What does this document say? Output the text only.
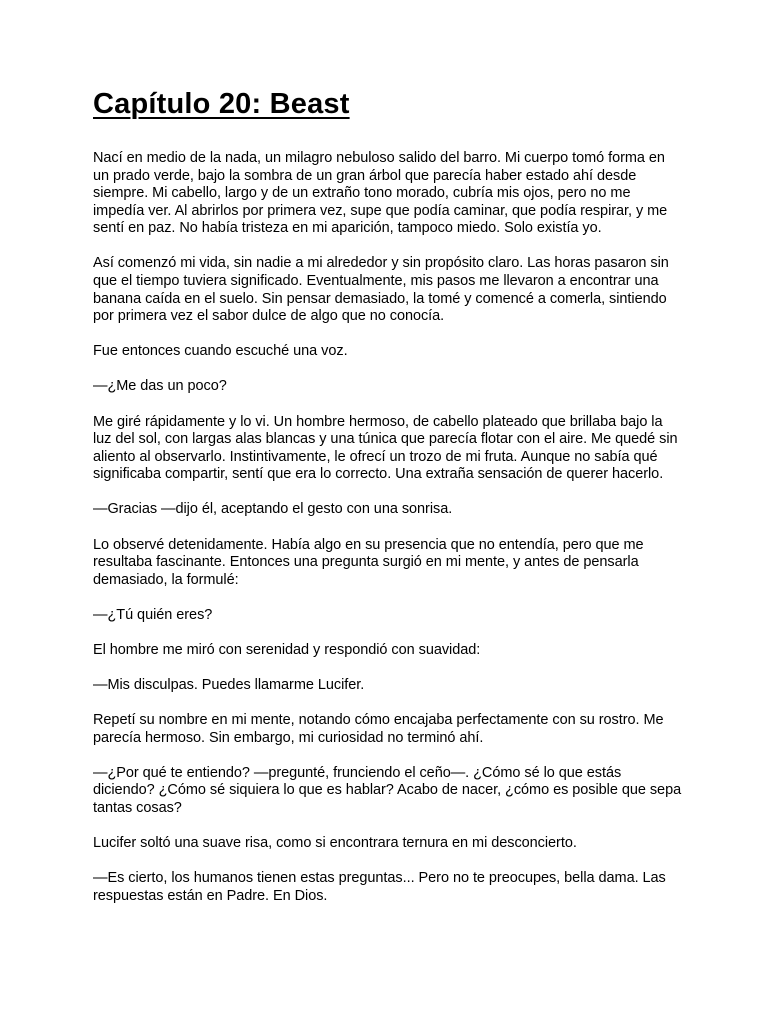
Capítulo 20: Beast

Nací en medio de la nada, un milagro nebuloso salido del barro. Mi cuerpo tomó forma en un prado verde, bajo la sombra de un gran árbol que parecía haber estado ahí desde siempre. Mi cabello, largo y de un extraño tono morado, cubría mis ojos, pero no me impedía ver. Al abrirlos por primera vez, supe que podía caminar, que podía respirar, y me sentí en paz. No había tristeza en mi aparición, tampoco miedo. Solo existía yo.

Así comenzó mi vida, sin nadie a mi alrededor y sin propósito claro. Las horas pasaron sin que el tiempo tuviera significado. Eventualmente, mis pasos me llevaron a encontrar una banana caída en el suelo. Sin pensar demasiado, la tomé y comencé a comerla, sintiendo por primera vez el sabor dulce de algo que no conocía.

Fue entonces cuando escuché una voz.

—¿Me das un poco?

Me giré rápidamente y lo vi. Un hombre hermoso, de cabello plateado que brillaba bajo la luz del sol, con largas alas blancas y una túnica que parecía flotar con el aire. Me quedé sin aliento al observarlo. Instintivamente, le ofrecí un trozo de mi fruta. Aunque no sabía qué significaba compartir, sentí que era lo correcto. Una extraña sensación de querer hacerlo.

—Gracias —dijo él, aceptando el gesto con una sonrisa.

Lo observé detenidamente. Había algo en su presencia que no entendía, pero que me resultaba fascinante. Entonces una pregunta surgió en mi mente, y antes de pensarla demasiado, la formulé:

—¿Tú quién eres?

El hombre me miró con serenidad y respondió con suavidad:

—Mis disculpas. Puedes llamarme Lucifer.

Repetí su nombre en mi mente, notando cómo encajaba perfectamente con su rostro. Me parecía hermoso. Sin embargo, mi curiosidad no terminó ahí.

—¿Por qué te entiendo? —pregunté, frunciendo el ceño—. ¿Cómo sé lo que estás diciendo? ¿Cómo sé siquiera lo que es hablar? Acabo de nacer, ¿cómo es posible que sepa tantas cosas?

Lucifer soltó una suave risa, como si encontrara ternura en mi desconcierto.

—Es cierto, los humanos tienen estas preguntas... Pero no te preocupes, bella dama. Las respuestas están en Padre. En Dios.
